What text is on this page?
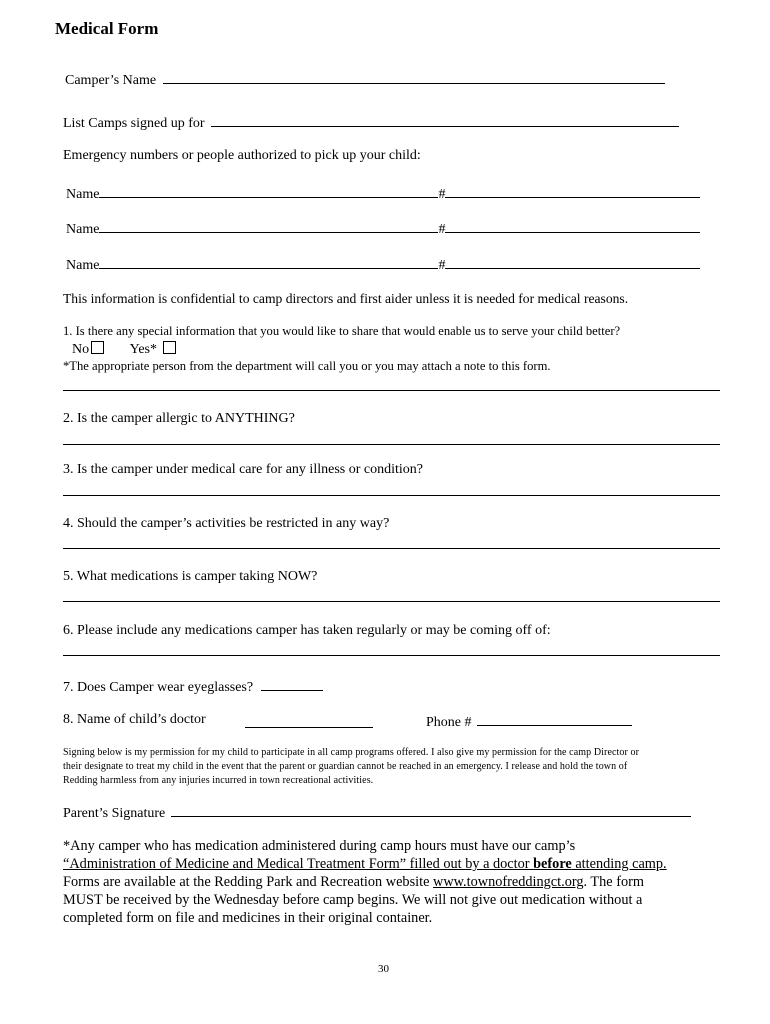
Medical Form
Camper’s Name
List Camps signed up for
Emergency numbers or people authorized to pick up your child:
Name	#
Name	#
Name	#
This information is confidential to camp directors and first aider unless it is needed for medical reasons.
1. Is there any special information that you would like to share that would enable us to serve your child better?
No	Yes*
*The appropriate person from the department will call you or you may attach a note to this form.
2. Is the camper allergic to ANYTHING?
3. Is the camper under medical care for any illness or condition?
4. Should the camper’s activities be restricted in any way?
5. What medications is camper taking NOW?
6. Please include any medications camper has taken regularly or may be coming off of:
7. Does Camper wear eyeglasses?
8. Name of child’s doctor	Phone #
Signing below is my permission for my child to participate in all camp programs offered. I also give my permission for the camp Director or
their designate to treat my child in the event that the parent or guardian cannot be reached in an emergency. I release and hold the town of
Redding harmless from any injuries incurred in town recreational activities.
Parent’s Signature
*Any camper who has medication administered during camp hours must have our camp’s
“Administration of Medicine and Medical Treatment Form” filled out by a doctor before attending camp.
Forms are available at the Redding Park and Recreation website www.townofreddingct.org. The form
MUST be received by the Wednesday before camp begins. We will not give out medication without a
completed form on file and medicines in their original container.
30
